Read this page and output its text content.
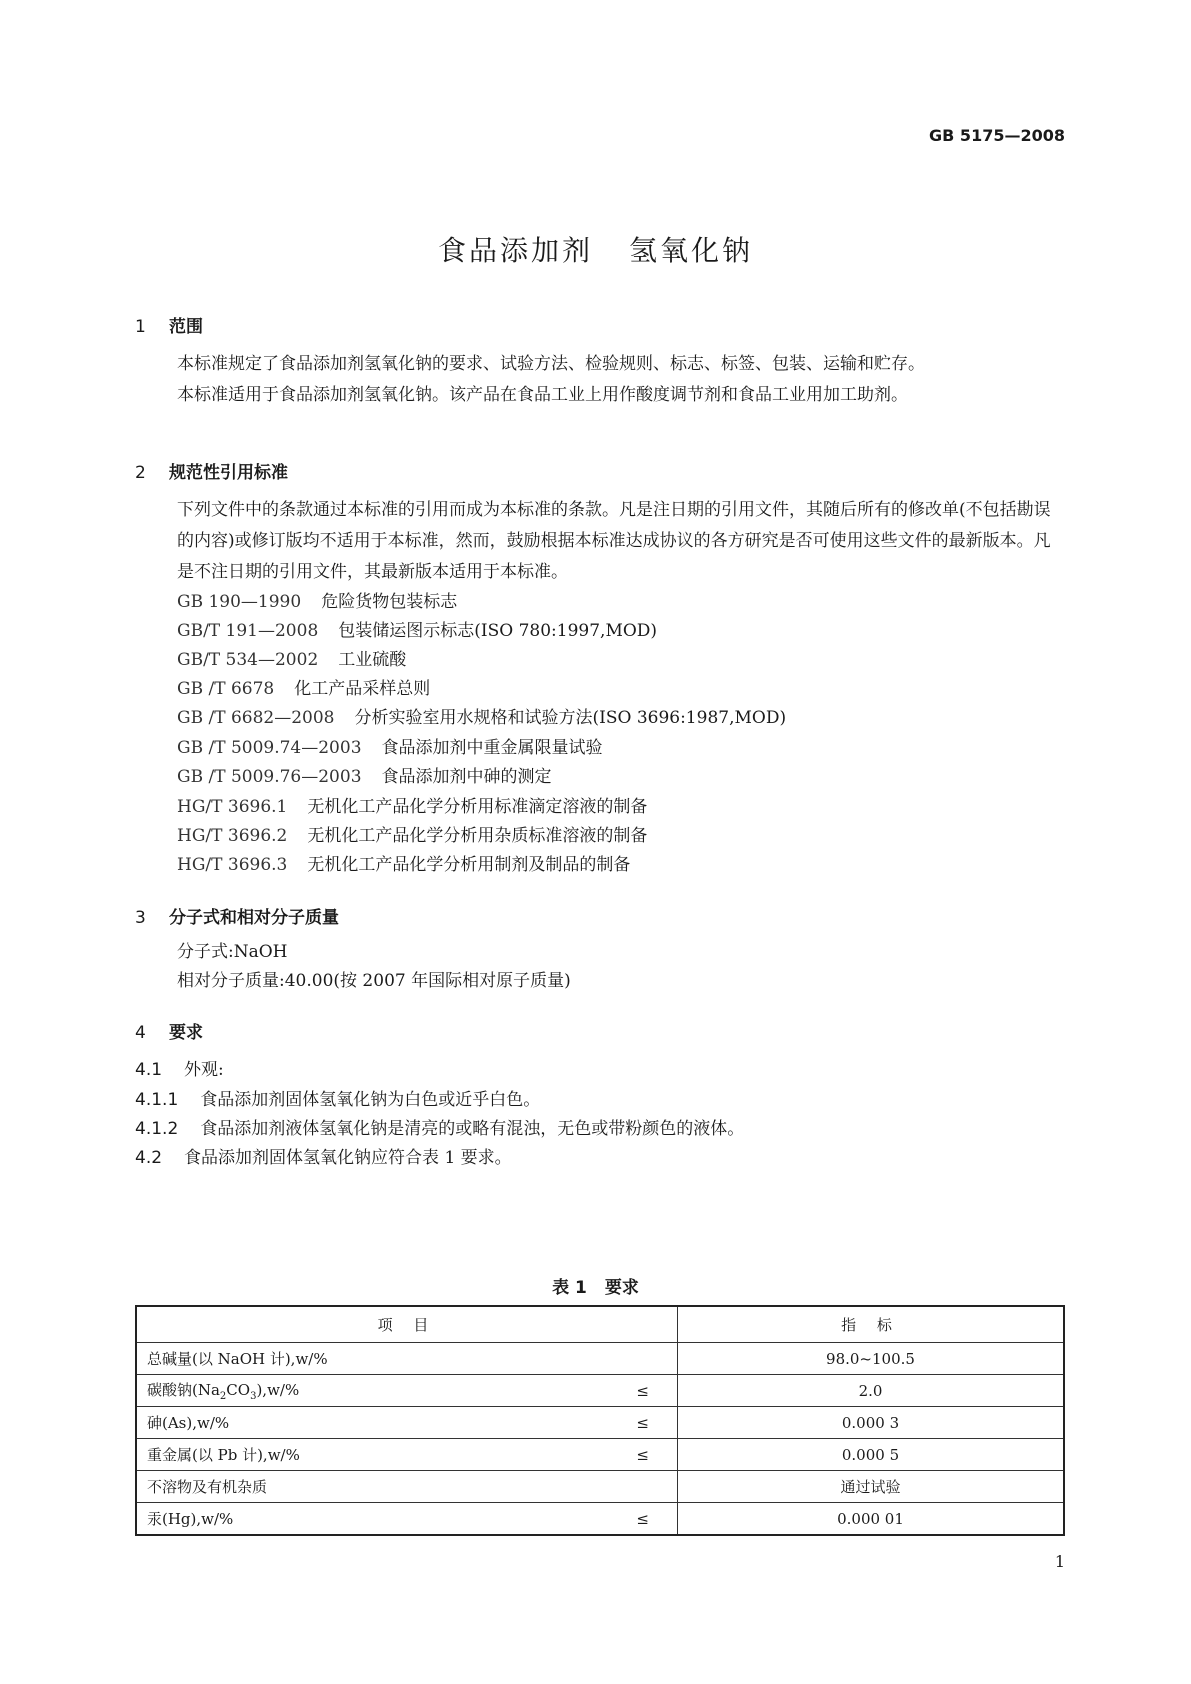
GB 5175—2008
食品添加剂 氢氧化钠
1 范围
本标准规定了食品添加剂氢氧化钠的要求、试验方法、检验规则、标志、标签、包装、运输和贮存。
本标准适用于食品添加剂氢氧化钠。该产品在食品工业上用作酸度调节剂和食品工业用加工助剂。
2 规范性引用标准
下列文件中的条款通过本标准的引用而成为本标准的条款。凡是注日期的引用文件，其随后所有的修改单(不包括勘误的内容)或修订版均不适用于本标准，然而，鼓励根据本标准达成协议的各方研究是否可使用这些文件的最新版本。凡是不注日期的引用文件，其最新版本适用于本标准。
GB 190—1990 危险货物包装标志
GB/T 191—2008 包装储运图示标志(ISO 780:1997,MOD)
GB/T 534—2002 工业硫酸
GB /T 6678 化工产品采样总则
GB /T 6682—2008 分析实验室用水规格和试验方法(ISO 3696:1987,MOD)
GB /T 5009.74—2003 食品添加剂中重金属限量试验
GB /T 5009.76—2003 食品添加剂中砷的测定
HG/T 3696.1 无机化工产品化学分析用标准滴定溶液的制备
HG/T 3696.2 无机化工产品化学分析用杂质标准溶液的制备
HG/T 3696.3 无机化工产品化学分析用制剂及制品的制备
3 分子式和相对分子质量
分子式:NaOH
相对分子质量:40.00(按 2007 年国际相对原子质量)
4 要求
4.1 外观:
4.1.1 食品添加剂固体氢氧化钠为白色或近乎白色。
4.1.2 食品添加剂液体氢氧化钠是清亮的或略有混浊，无色或带粉颜色的液体。
4.2 食品添加剂固体氢氧化钠应符合表 1 要求。
表 1 要求
项 目	指 标
总碱量(以 NaOH 计),w/%	98.0~100.5
碳酸钠$(Na_2CO_3),w/\%$ ≤	2.0
砷(As),w/% ≤	0.000 3
重金属(以 Pb 计),w/% ≤	0.000 5
不溶物及有机杂质	通过试验
汞(Hg),w/% ≤	0.000 01
1
